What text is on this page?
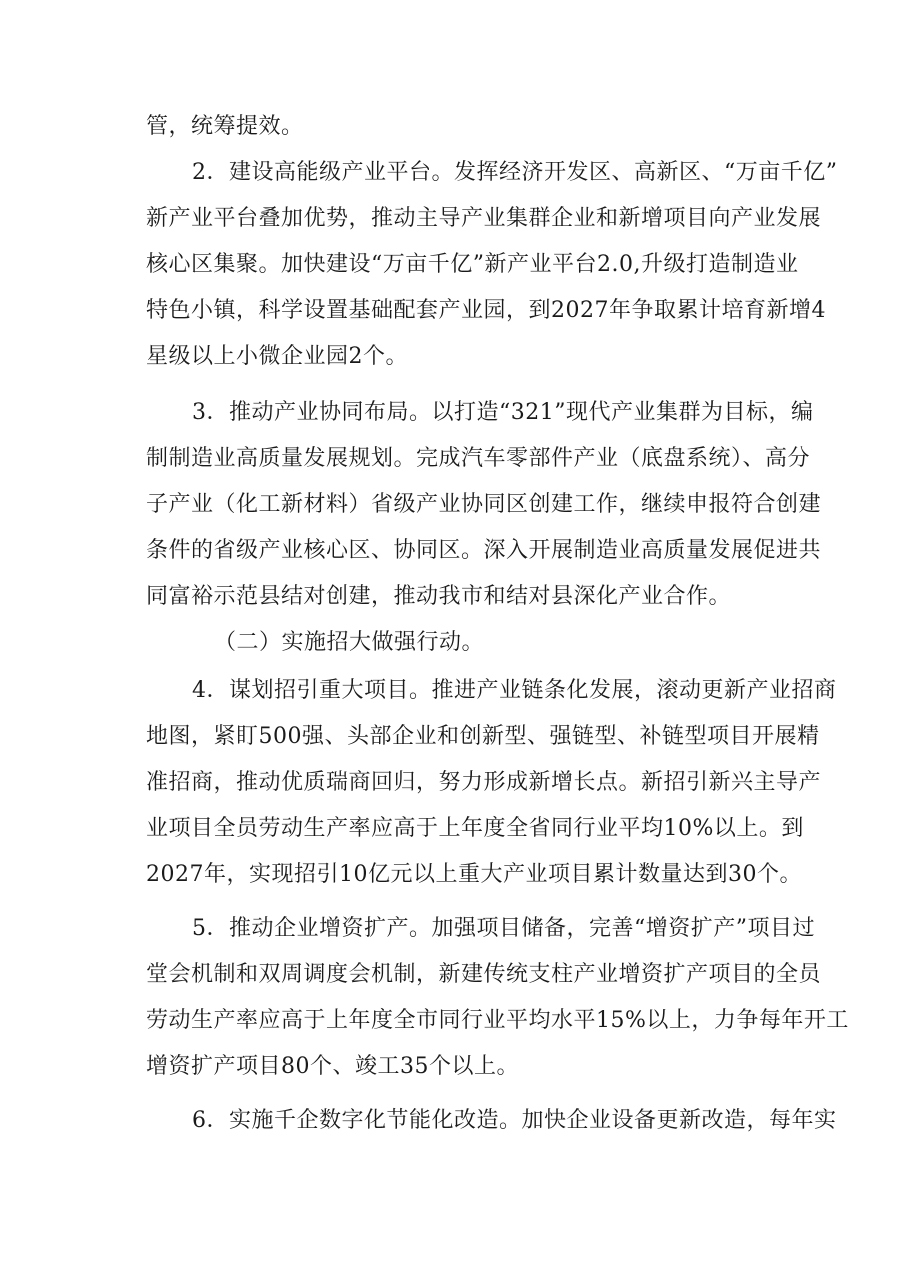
管，统筹提效。
2．建设高能级产业平台。发挥经济开发区、高新区、“万亩千亿”
新产业平台叠加优势，推动主导产业集群企业和新增项目向产业发展
核心区集聚。加快建设“万亩千亿”新产业平台2.0,升级打造制造业
特色小镇，科学设置基础配套产业园，到2027年争取累计培育新增4
星级以上小微企业园2个。
3．推动产业协同布局。以打造“321”现代产业集群为目标，编
制制造业高质量发展规划。完成汽车零部件产业（底盘系统）、高分
子产业（化工新材料）省级产业协同区创建工作，继续申报符合创建
条件的省级产业核心区、协同区。深入开展制造业高质量发展促进共
同富裕示范县结对创建，推动我市和结对县深化产业合作。
（二）实施招大做强行动。
4．谋划招引重大项目。推进产业链条化发展，滚动更新产业招商
地图，紧盯500强、头部企业和创新型、强链型、补链型项目开展精
准招商，推动优质瑞商回归，努力形成新增长点。新招引新兴主导产
业项目全员劳动生产率应高于上年度全省同行业平均10%以上。到
2027年，实现招引10亿元以上重大产业项目累计数量达到30个。
5．推动企业增资扩产。加强项目储备，完善“增资扩产”项目过
堂会机制和双周调度会机制，新建传统支柱产业增资扩产项目的全员
劳动生产率应高于上年度全市同行业平均水平15%以上，力争每年开工
增资扩产项目80个、竣工35个以上。
6．实施千企数字化节能化改造。加快企业设备更新改造，每年实
